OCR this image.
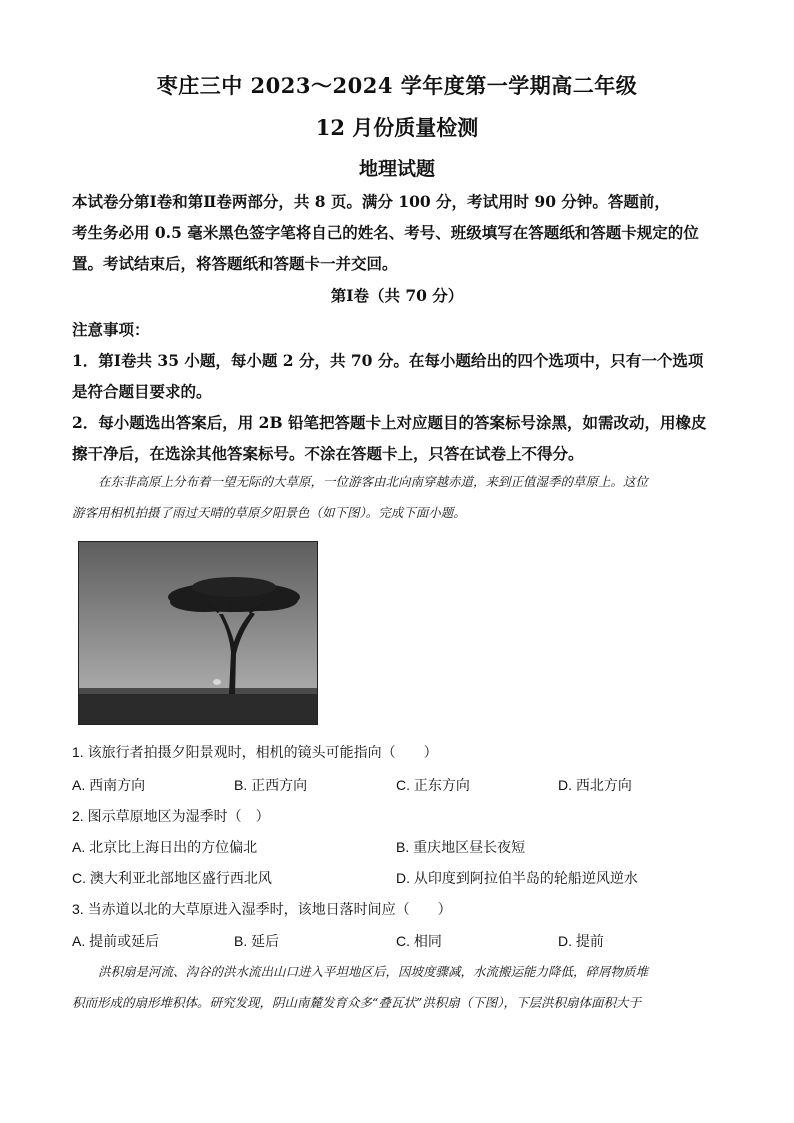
枣庄三中 2023～2024 学年度第一学期高二年级
12 月份质量检测
地理试题

本试卷分第Ⅰ卷和第Ⅱ卷两部分，共 8 页。满分 100 分，考试用时 90 分钟。答题前，

考生务必用 0.5 毫米黑色签字笔将自己的姓名、考号、班级填写在答题纸和答题卡规定的位

置。考试结束后，将答题纸和答题卡一并交回。

第Ⅰ卷（共 70 分）

注意事项：

1．第Ⅰ卷共 35 小题，每小题 2 分，共 70 分。在每小题给出的四个选项中，只有一个选项

是符合题目要求的。

2．每小题选出答案后，用 2B 铅笔把答题卡上对应题目的答案标号涂黑，如需改动，用橡皮

擦干净后，在选涂其他答案标号。不涂在答题卡上，只答在试卷上不得分。

在东非高原上分布着一望无际的大草原，一位游客由北向南穿越赤道，来到正值湿季的草原上。这位

游客用相机拍摄了雨过天晴的草原夕阳景色（如下图）。完成下面小题。

1. 该旅行者拍摄夕阳景观时，相机的镜头可能指向（　　）
A. 西南方向	B. 正西方向	C. 正东方向	D. 西北方向
2. 图示草原地区为湿季时（　）
A. 北京比上海日出的方位偏北	B. 重庆地区昼长夜短
C. 澳大利亚北部地区盛行西北风	D. 从印度到阿拉伯半岛的轮船逆风逆水
3. 当赤道以北的大草原进入湿季时，该地日落时间应（　　）
A. 提前或延后	B. 延后	C. 相同	D. 提前

洪积扇是河流、沟谷的洪水流出山口进入平坦地区后，因坡度骤减，水流搬运能力降低，碎屑物质堆

积而形成的扇形堆积体。研究发现，阴山南麓发育众多“叠瓦状”洪积扇（下图），下层洪积扇体面积大于
